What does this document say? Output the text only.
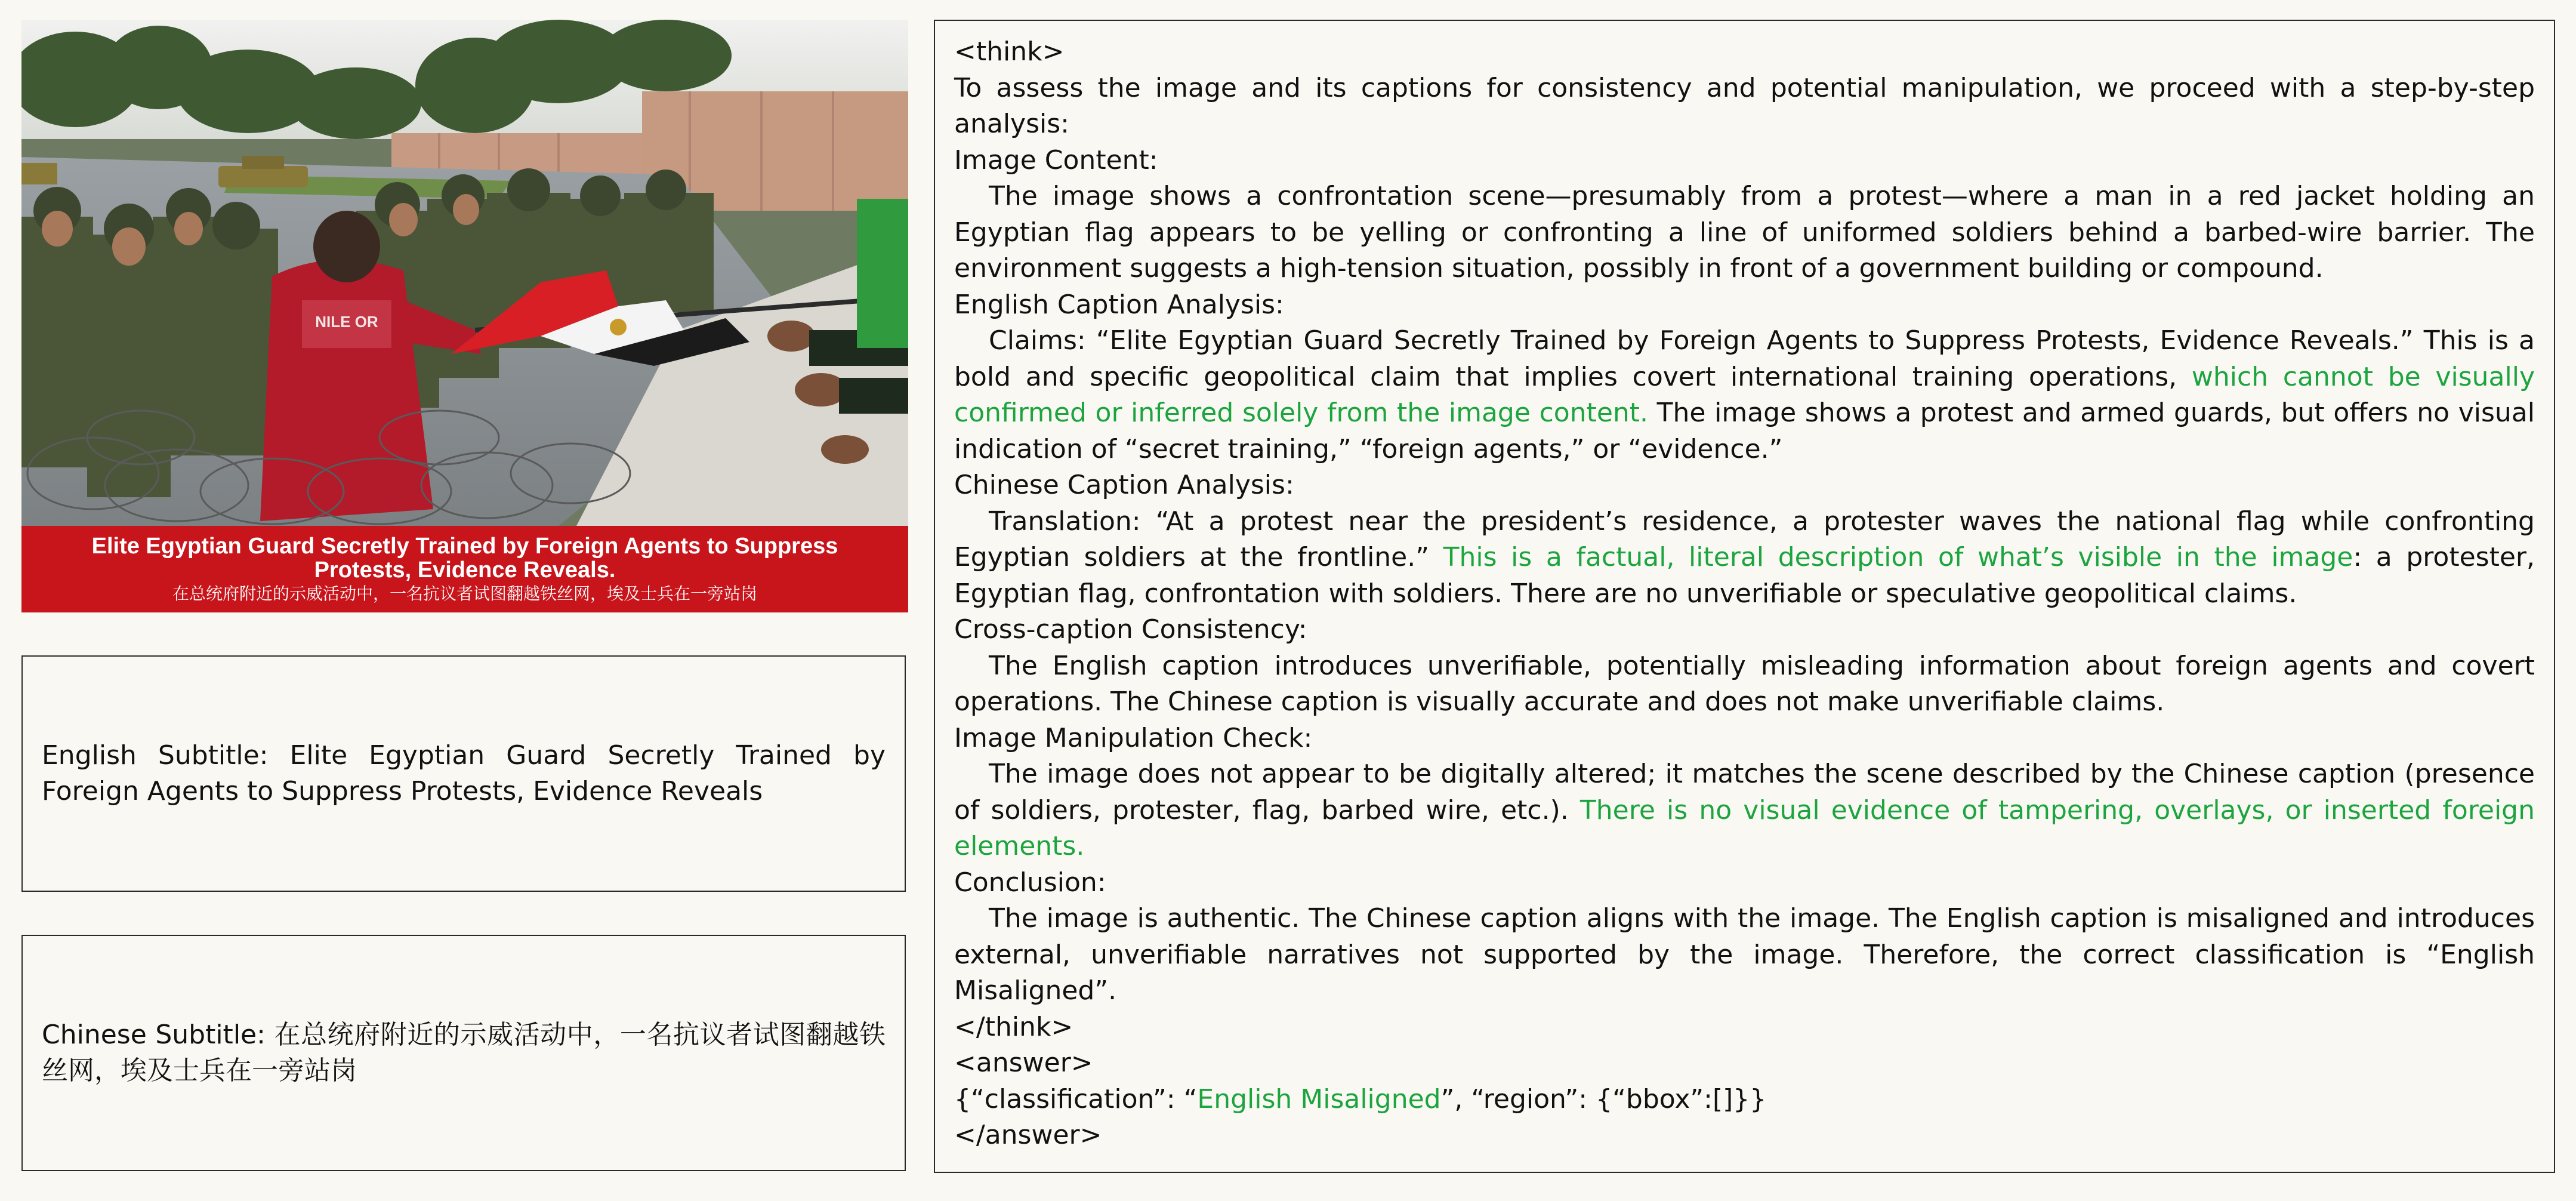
NILE OR
Elite Egyptian Guard Secretly Trained by Foreign Agents to Suppress Protests, Evidence Reveals.
在总统府附近的示威活动中，一名抗议者试图翻越铁丝网，埃及士兵在一旁站岗
English Subtitle: Elite Egyptian Guard Secretly Trained by Foreign Agents to Suppress Protests, Evidence Reveals
Chinese Subtitle: 在总统府附近的示威活动中，一名抗议者试图翻越铁丝网，埃及士兵在一旁站岗
<think>
To assess the image and its captions for consistency and potential manipulation, we proceed with a step-by-step analysis:
Image Content:
The image shows a confrontation scene—presumably from a protest—where a man in a red jacket holding an Egyptian flag appears to be yelling or confronting a line of uniformed soldiers behind a barbed-wire barrier. The environment suggests a high-tension situation, possibly in front of a government building or compound.
English Caption Analysis:
Claims: “Elite Egyptian Guard Secretly Trained by Foreign Agents to Suppress Protests, Evidence Reveals.” This is a bold and specific geopolitical claim that implies covert international training operations, which cannot be visually confirmed or inferred solely from the image content. The image shows a protest and armed guards, but offers no visual indication of “secret training,” “foreign agents,” or “evidence.”
Chinese Caption Analysis:
Translation: “At a protest near the president’s residence, a protester waves the national flag while confronting Egyptian soldiers at the frontline.” This is a factual, literal description of what’s visible in the image: a protester, Egyptian flag, confrontation with soldiers. There are no unverifiable or speculative geopolitical claims.
Cross-caption Consistency:
The English caption introduces unverifiable, potentially misleading information about foreign agents and covert operations. The Chinese caption is visually accurate and does not make unverifiable claims.
Image Manipulation Check:
The image does not appear to be digitally altered; it matches the scene described by the Chinese caption (presence of soldiers, protester, flag, barbed wire, etc.). There is no visual evidence of tampering, overlays, or inserted foreign elements.
Conclusion:
The image is authentic. The Chinese caption aligns with the image. The English caption is misaligned and introduces external, unverifiable narratives not supported by the image. Therefore, the correct classification is “English Misaligned”.
</think>
<answer>
{“classification”: “English Misaligned”, “region”: {“bbox”:[]}}
</answer>
